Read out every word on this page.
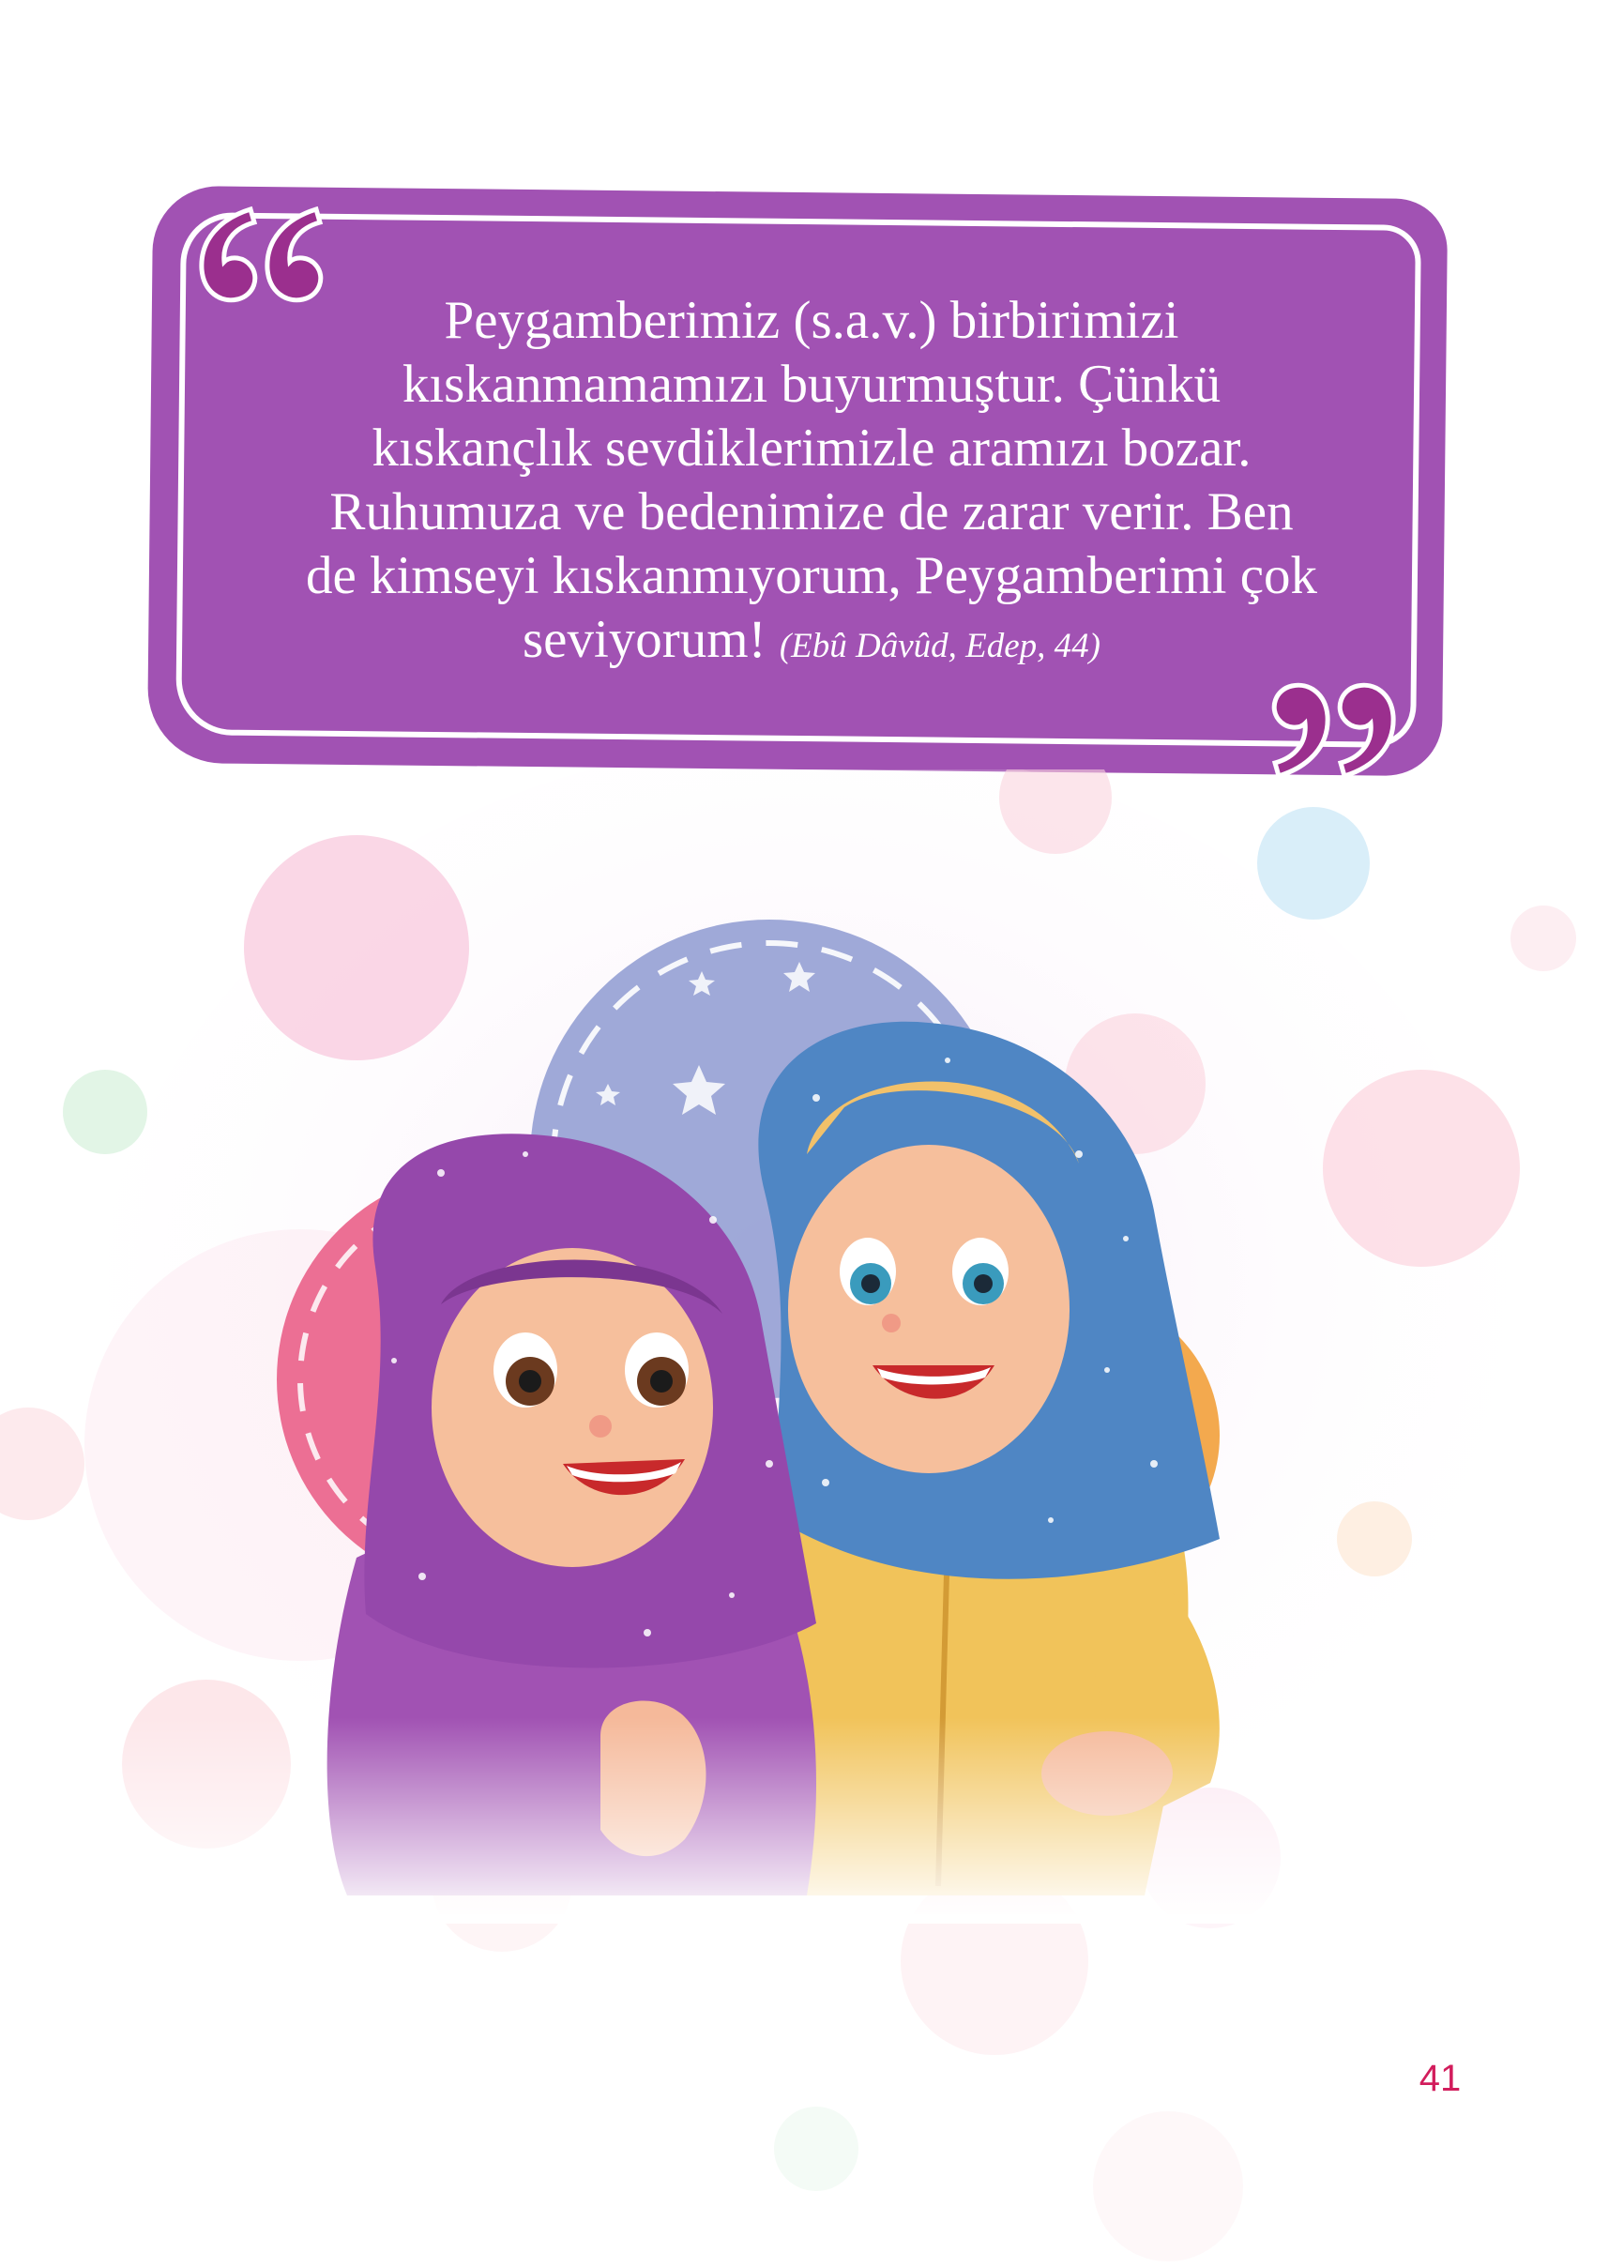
Peygamberimiz (s.a.v.) birbirimizi
kıskanmamamızı buyurmuştur. Çünkü
kıskançlık sevdiklerimizle aramızı bozar.
Ruhumuza ve bedenimize de zarar verir. Ben
de kimseyi kıskanmıyorum, Peygamberimi çok
seviyorum! (Ebû Dâvûd, Edep, 44)
41
